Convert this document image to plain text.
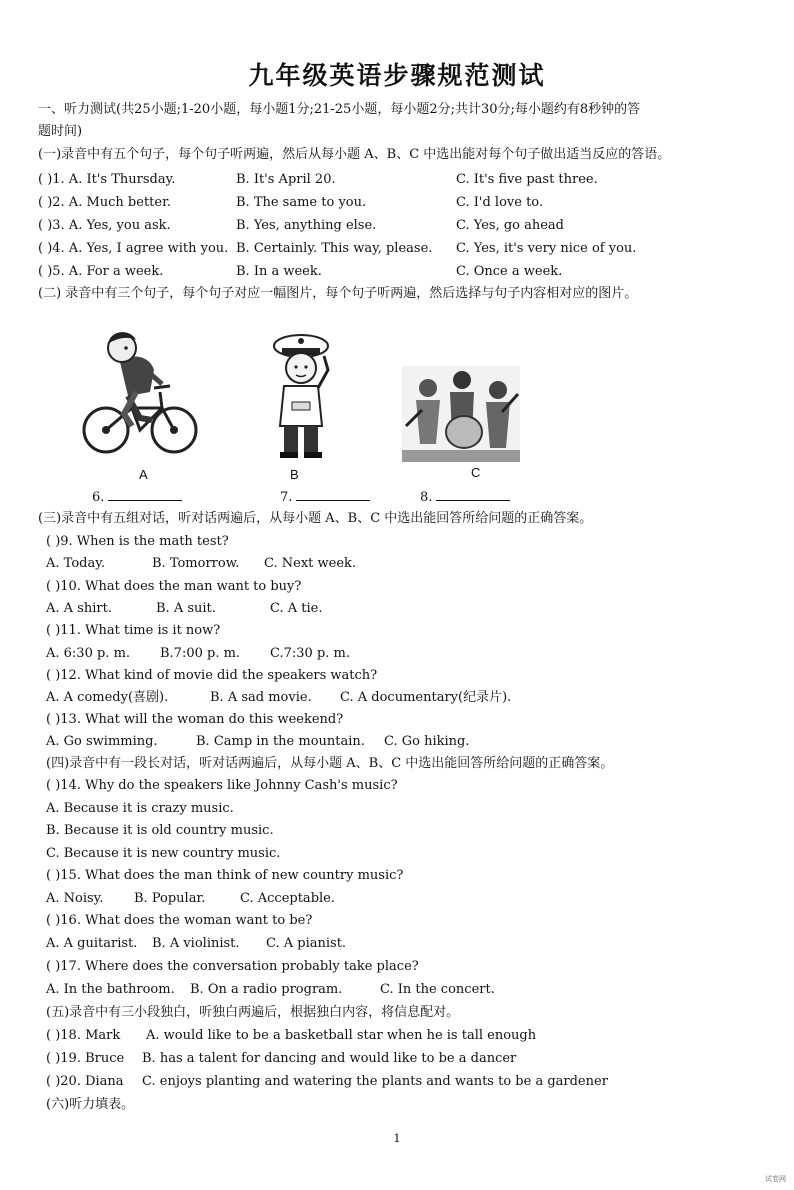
九年级英语步骤规范测试
一、听力测试(共25小题;1-20小题，每小题1分;21-25小题，每小题2分;共计30分;每小题约有8秒钟的答
题时间)
(一)录音中有五个句子，每个句子听两遍，然后从每小题 A、B、C 中选出能对每个句子做出适当反应的答语。
( )1. A. It's Thursday.	B. It's April 20.	C. It's five past three.
( )2. A. Much better.	B. The same to you.	C. I'd love to.
( )3. A. Yes, you ask.	B. Yes, anything else.	C. Yes, go ahead
( )4. A. Yes, I agree with you. B. Certainly. This way, please. C. Yes, it's very nice of you.
( )5. A. For a week.	B. In a week.	C. Once a week.
(二) 录音中有三个句子，每个句子对应一幅图片，每个句子听两遍，然后选择与句子内容相对应的图片。
A	B	C
6.	7.	8.
(三)录音中有五组对话，听对话两遍后，从每小题 A、B、C 中选出能回答所给问题的正确答案。
( )9. When is the math test?
A. Today.	B. Tomorrow. C. Next week.
( )10. What does the man want to buy?
A. A shirt.	B. A suit.	C. A tie.
( )11. What time is it now?
A. 6:30 p. m. B.7:00 p. m. C.7:30 p. m.
( )12. What kind of movie did the speakers watch?
A. A comedy(喜剧).	B. A sad movie. C. A documentary(纪录片).
( )13. What will the woman do this weekend?
A. Go swimming.	B. Camp in the mountain. C. Go hiking.
(四)录音中有一段长对话，听对话两遍后，从每小题 A、B、C 中选出能回答所给问题的正确答案。
( )14. Why do the speakers like Johnny Cash's music?
A. Because it is crazy music.
B. Because it is old country music.
C. Because it is new country music.
( )15. What does the man think of new country music?
A. Noisy. B. Popular.	C. Acceptable.
( )16. What does the woman want to be?
A. A guitarist. B. A violinist. C. A pianist.
( )17. Where does the conversation probably take place?
A. In the bathroom. B. On a radio program.	C. In the concert.
(五)录音中有三小段独白，听独白两遍后，根据独白内容，将信息配对。
( )18. Mark A. would like to be a basketball star when he is tall enough
( )19. Bruce B. has a talent for dancing and would like to be a dancer
( )20. Diana C. enjoys planting and watering the plants and wants to be a gardener
(六)听力填表。
1
试卷网
